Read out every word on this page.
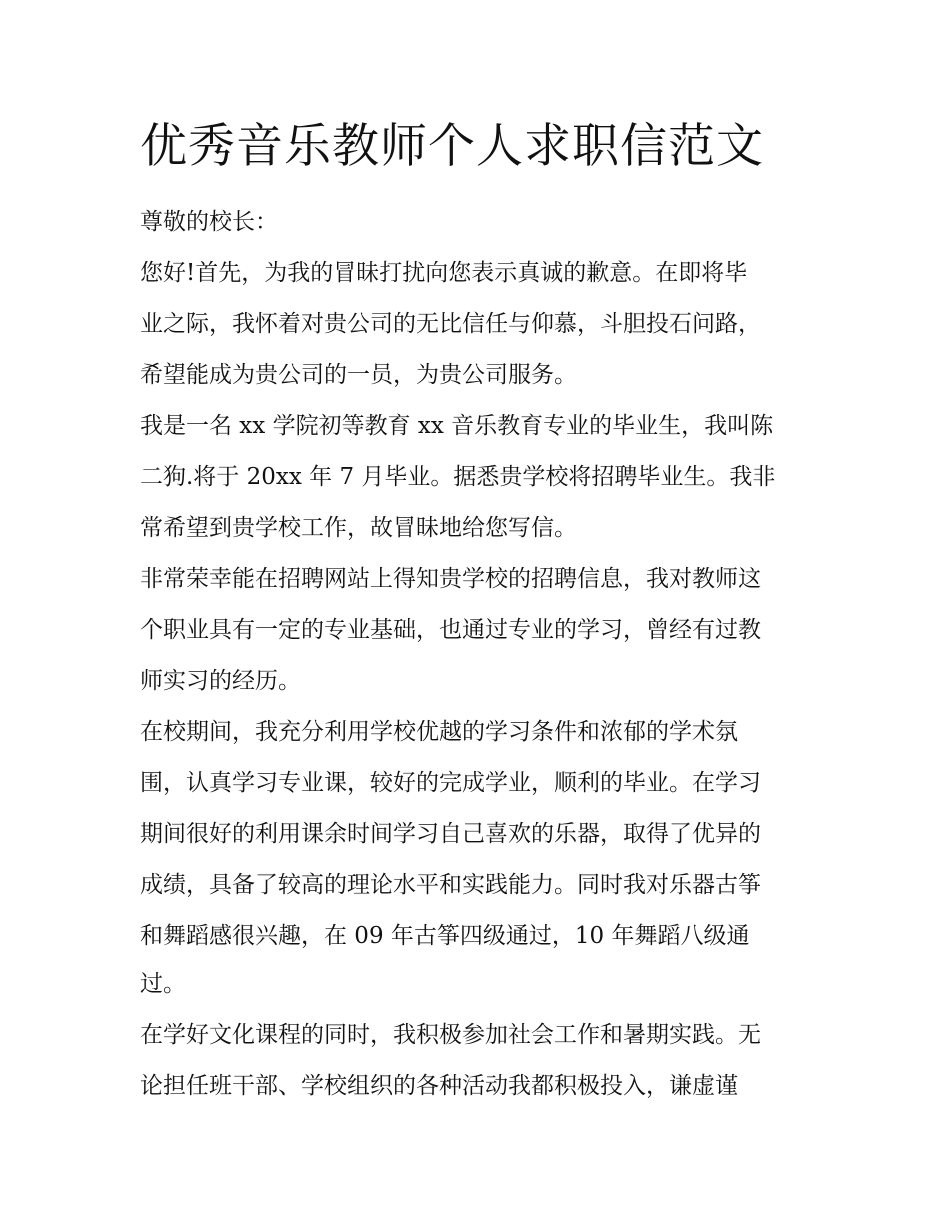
优秀音乐教师个人求职信范文

尊敬的校长：

您好!首先，为我的冒昧打扰向您表示真诚的歉意。在即将毕

业之际，我怀着对贵公司的无比信任与仰慕，斗胆投石问路，

希望能成为贵公司的一员，为贵公司服务。

我是一名 xx 学院初等教育 xx 音乐教育专业的毕业生，我叫陈

二狗.将于 20xx 年 7 月毕业。据悉贵学校将招聘毕业生。我非

常希望到贵学校工作，故冒昧地给您写信。

非常荣幸能在招聘网站上得知贵学校的招聘信息，我对教师这

个职业具有一定的专业基础，也通过专业的学习，曾经有过教

师实习的经历。

在校期间，我充分利用学校优越的学习条件和浓郁的学术氛

围，认真学习专业课，较好的完成学业，顺利的毕业。在学习

期间很好的利用课余时间学习自己喜欢的乐器，取得了优异的

成绩，具备了较高的理论水平和实践能力。同时我对乐器古筝

和舞蹈感很兴趣，在 09 年古筝四级通过，10 年舞蹈八级通

过。

在学好文化课程的同时，我积极参加社会工作和暑期实践。无

论担任班干部、学校组织的各种活动我都积极投入，谦虚谨
